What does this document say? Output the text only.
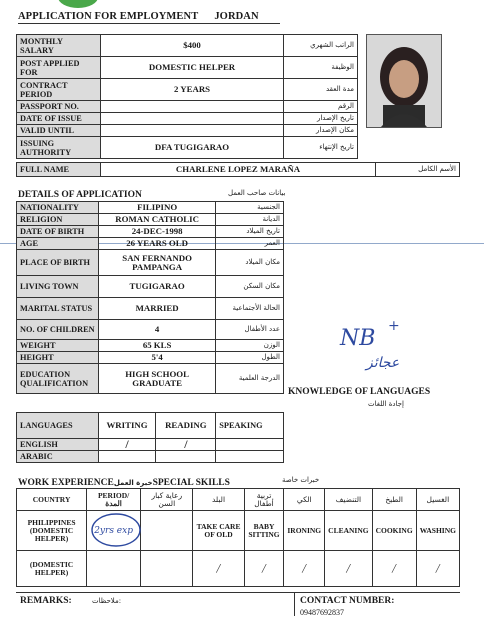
APPLICATION FOR EMPLOYMENT JORDAN
MONTHLY SALARY	$400	الراتب الشهري
POST APPLIED FOR	DOMESTIC HELPER	الوظيفة
CONTRACT PERIOD	2 YEARS	مدة العقد
PASSPORT NO.		الرقم
DATE OF ISSUE		تاريخ الإصدار
VALID UNTIL		مكان الإصدار
ISSUING AUTHORITY	DFA TUGIGARAO	تاريخ الإنتهاء
FULL NAME	CHARLENE LOPEZ MARAÑA	الأسم الكامل
DETAILS OF APPLICATION	بيانات صاحب العمل
NATIONALITY	FILIPINO	الجنسية
RELIGION	ROMAN CATHOLIC	الديانة
DATE OF BIRTH	24-DEC-1998	تاريخ الميلاد
AGE	26 YEARS OLD	العمر
PLACE OF BIRTH	SAN FERNANDO PAMPANGA	مكان الميلاد
LIVING TOWN	TUGIGARAO	مكان السكن
MARITAL STATUS	MARRIED	الحالة الأجتماعية
NO. OF CHILDREN	4	عدد الأطفال
WEIGHT	65 KLS	الوزن
HEIGHT	5'4	الطول
EDUCATION QUALIFICATION	HIGH SCHOOL GRADUATE	الدرجة العلمية
LANGUAGES	WRITING	READING	SPEAKING
ENGLISH	/	/	
ARABIC			
KNOWLEDGE OF LANGUAGES
إجادة اللغات
NB +
عجائز
WORK EXPERIENCEخبرة العملSPECIAL SKILLS	خبرات خاصة
COUNTRY	PERIOD/ المدة	رعاية كبار السن	البلد	تربية أطفال	الكي	التنضيف	الطبخ	الغسيل
PHILIPPINES (DOMESTIC HELPER)	2yrs exp		TAKE CARE OF OLD	BABY SITTING	IRONING	CLEANING	COOKING	WASHING
(DOMESTIC HELPER)			╱	╱	╱	╱	╱	╱
REMARKS:	ملاحظات:	CONTACT NUMBER:
09487692837
